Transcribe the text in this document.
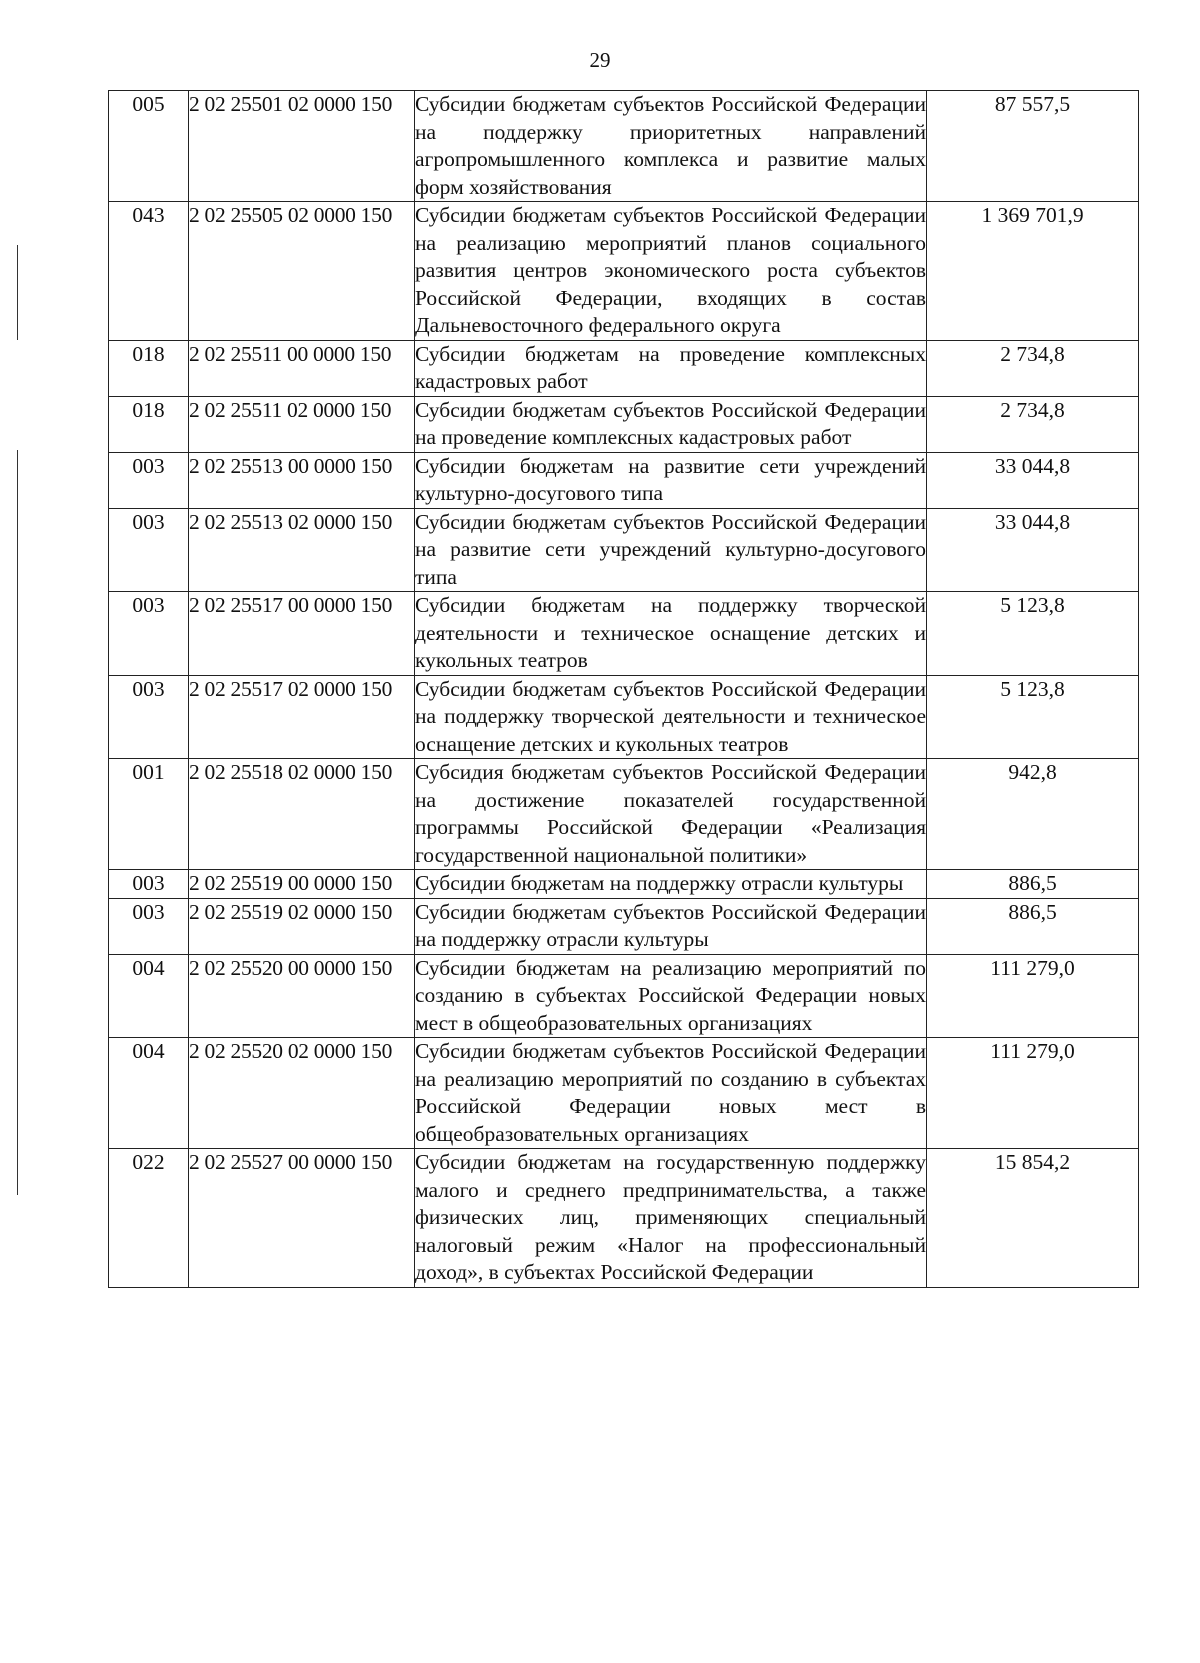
29
005	2 02 25501 02 0000 150	Субсидии бюджетам субъектов Российской Федерации на поддержку приоритетных направлений агропромышленного комплекса и развитие малых форм хозяйствования	87 557,5
043	2 02 25505 02 0000 150	Субсидии бюджетам субъектов Российской Федерации на реализацию мероприятий планов социального развития центров экономического роста субъектов Российской Федерации, входящих в состав Дальневосточного федерального округа	1 369 701,9
018	2 02 25511 00 0000 150	Субсидии бюджетам на проведение комплексных кадастровых работ	2 734,8
018	2 02 25511 02 0000 150	Субсидии бюджетам субъектов Российской Федерации на проведение комплексных кадастровых работ	2 734,8
003	2 02 25513 00 0000 150	Субсидии бюджетам на развитие сети учреждений культурно-досугового типа	33 044,8
003	2 02 25513 02 0000 150	Субсидии бюджетам субъектов Российской Федерации на развитие сети учреждений культурно-досугового типа	33 044,8
003	2 02 25517 00 0000 150	Субсидии бюджетам на поддержку творческой деятельности и техническое оснащение детских и кукольных театров	5 123,8
003	2 02 25517 02 0000 150	Субсидии бюджетам субъектов Российской Федерации на поддержку творческой деятельности и техническое оснащение детских и кукольных театров	5 123,8
001	2 02 25518 02 0000 150	Субсидия бюджетам субъектов Российской Федерации на достижение показателей государственной программы Российской Федерации «Реализация государственной национальной политики»	942,8
003	2 02 25519 00 0000 150	Субсидии бюджетам на поддержку отрасли культуры	886,5
003	2 02 25519 02 0000 150	Субсидии бюджетам субъектов Российской Федерации на поддержку отрасли культуры	886,5
004	2 02 25520 00 0000 150	Субсидии бюджетам на реализацию мероприятий по созданию в субъектах Российской Федерации новых мест в общеобразовательных организациях	111 279,0
004	2 02 25520 02 0000 150	Субсидии бюджетам субъектов Российской Федерации на реализацию мероприятий по созданию в субъектах Российской Федерации новых мест в общеобразовательных организациях	111 279,0
022	2 02 25527 00 0000 150	Субсидии бюджетам на государственную поддержку малого и среднего предпринимательства, а также физических лиц, применяющих специальный налоговый режим «Налог на профессиональный доход», в субъектах Российской Федерации	15 854,2
